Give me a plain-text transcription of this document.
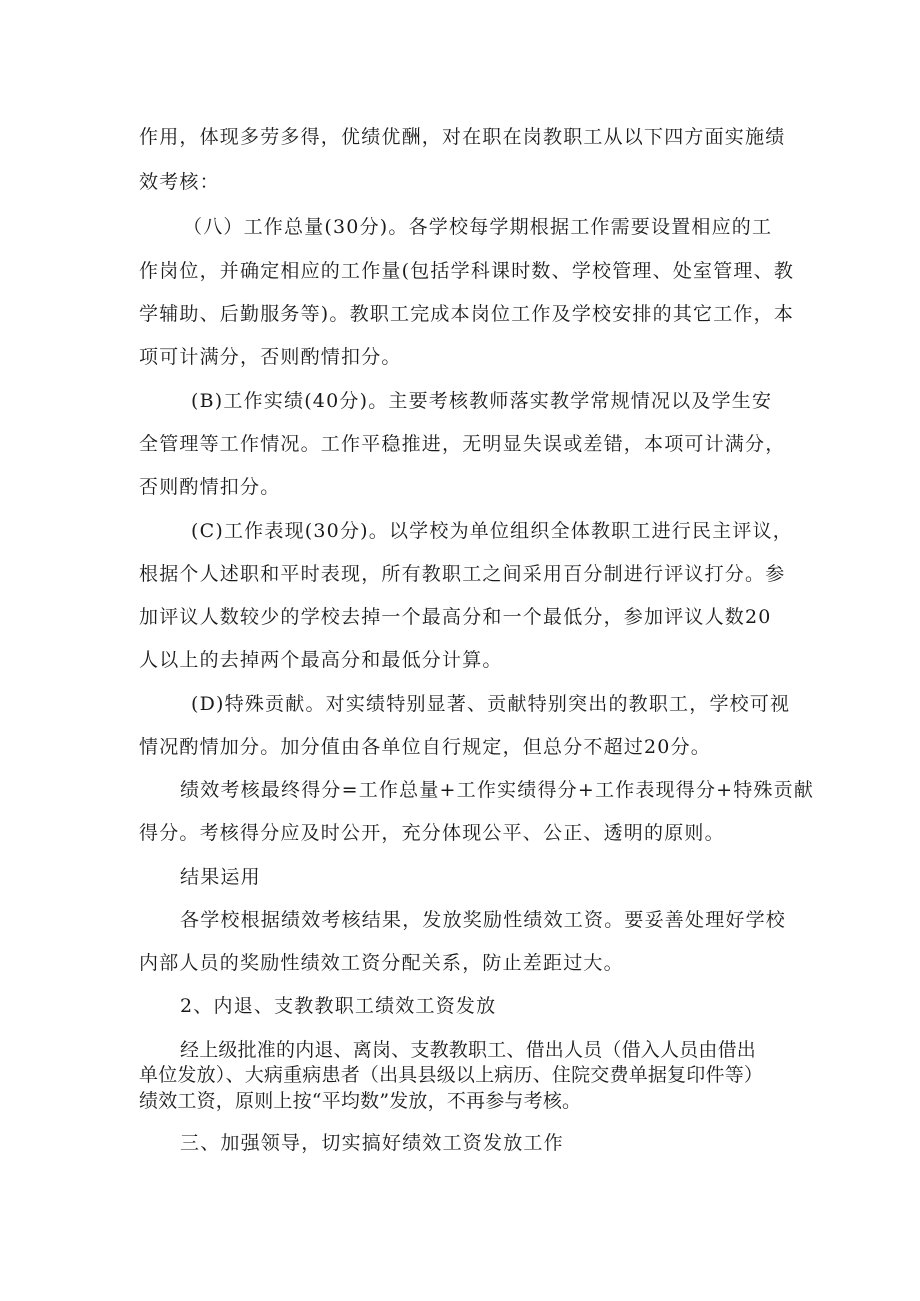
作用，体现多劳多得，优绩优酬，对在职在岗教职工从以下四方面实施绩
效考核：
（八）工作总量(30分)。各学校每学期根据工作需要设置相应的工
作岗位，并确定相应的工作量(包括学科课时数、学校管理、处室管理、教
学辅助、后勤服务等)。教职工完成本岗位工作及学校安排的其它工作，本
项可计满分，否则酌情扣分。
(B)工作实绩(40分)。主要考核教师落实教学常规情况以及学生安
全管理等工作情况。工作平稳推进，无明显失误或差错，本项可计满分，
否则酌情扣分。
(C)工作表现(30分)。以学校为单位组织全体教职工进行民主评议，
根据个人述职和平时表现，所有教职工之间采用百分制进行评议打分。参
加评议人数较少的学校去掉一个最高分和一个最低分，参加评议人数20
人以上的去掉两个最高分和最低分计算。
(D)特殊贡献。对实绩特别显著、贡献特别突出的教职工，学校可视
情况酌情加分。加分值由各单位自行规定，但总分不超过20分。
绩效考核最终得分=工作总量+工作实绩得分+工作表现得分+特殊贡献
得分。考核得分应及时公开，充分体现公平、公正、透明的原则。
结果运用
各学校根据绩效考核结果，发放奖励性绩效工资。要妥善处理好学校
内部人员的奖励性绩效工资分配关系，防止差距过大。
2、内退、支教教职工绩效工资发放
经上级批准的内退、离岗、支教教职工、借出人员（借入人员由借出
单位发放）、大病重病患者（出具县级以上病历、住院交费单据复印件等）
绩效工资，原则上按“平均数”发放，不再参与考核。
三、加强领导，切实搞好绩效工资发放工作
